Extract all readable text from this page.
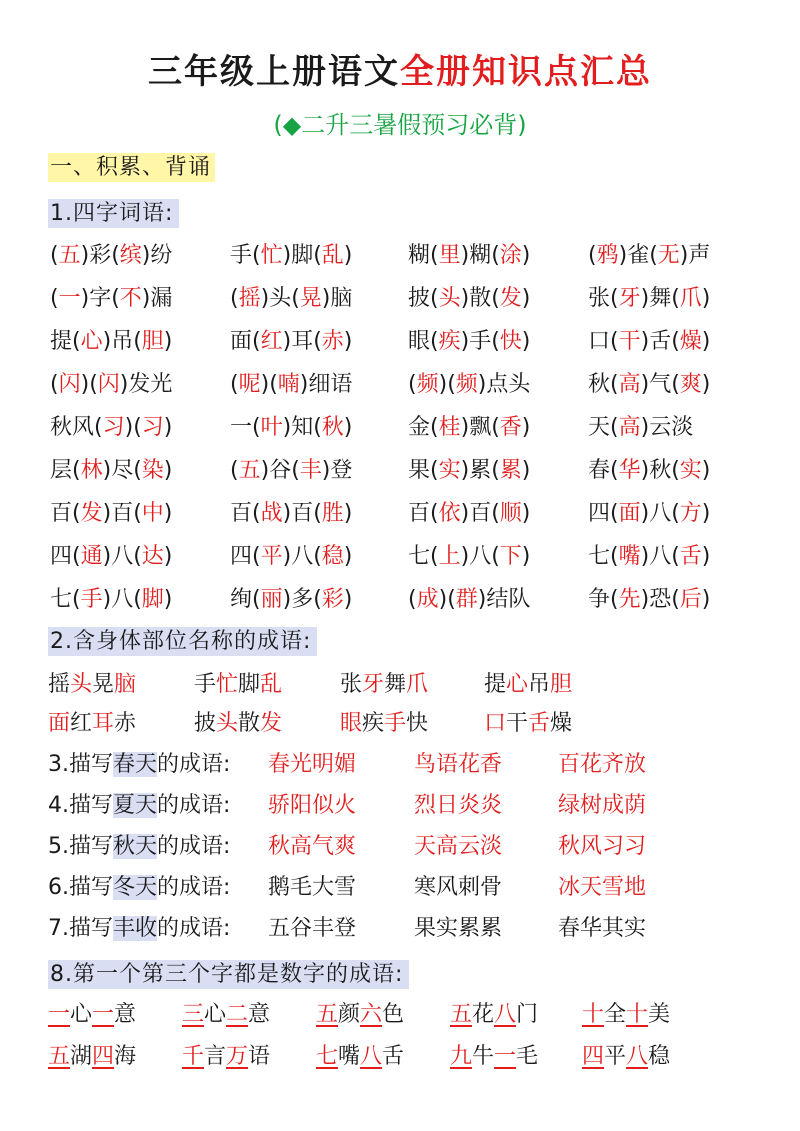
三年级上册语文全册知识点汇总
(◆二升三暑假预习必背)
一、积累、背诵
1.四字词语:
(五)彩(缤)纷	手(忙)脚(乱)	糊(里)糊(涂)	(鸦)雀(无)声
(一)字(不)漏	(摇)头(晃)脑	披(头)散(发)	张(牙)舞(爪)
提(心)吊(胆)	面(红)耳(赤)	眼(疾)手(快)	口(干)舌(燥)
(闪)(闪)发光	(呢)(喃)细语	(频)(频)点头	秋(高)气(爽)
秋风(习)(习)	一(叶)知(秋)	金(桂)飘(香)	天(高)云淡
层(林)尽(染)	(五)谷(丰)登	果(实)累(累)	春(华)秋(实)
百(发)百(中)	百(战)百(胜)	百(依)百(顺)	四(面)八(方)
四(通)八(达)	四(平)八(稳)	七(上)八(下)	七(嘴)八(舌)
七(手)八(脚)	绚(丽)多(彩)	(成)(群)结队	争(先)恐(后)
2.含身体部位名称的成语:
摇头晃脑	手忙脚乱	张牙舞爪	提心吊胆
面红耳赤	披头散发	眼疾手快	口干舌燥
3.描写春天的成语: 春光明媚	鸟语花香	百花齐放
4.描写夏天的成语: 骄阳似火	烈日炎炎	绿树成荫
5.描写秋天的成语: 秋高气爽	天高云淡	秋风习习
6.描写冬天的成语: 鹅毛大雪	寒风刺骨	冰天雪地
7.描写丰收的成语: 五谷丰登	果实累累	春华其实
8.第一个第三个字都是数字的成语:
一心一意 三心二意 五颜六色 五花八门 十全十美
五湖四海 千言万语 七嘴八舌 九牛一毛 四平八稳
